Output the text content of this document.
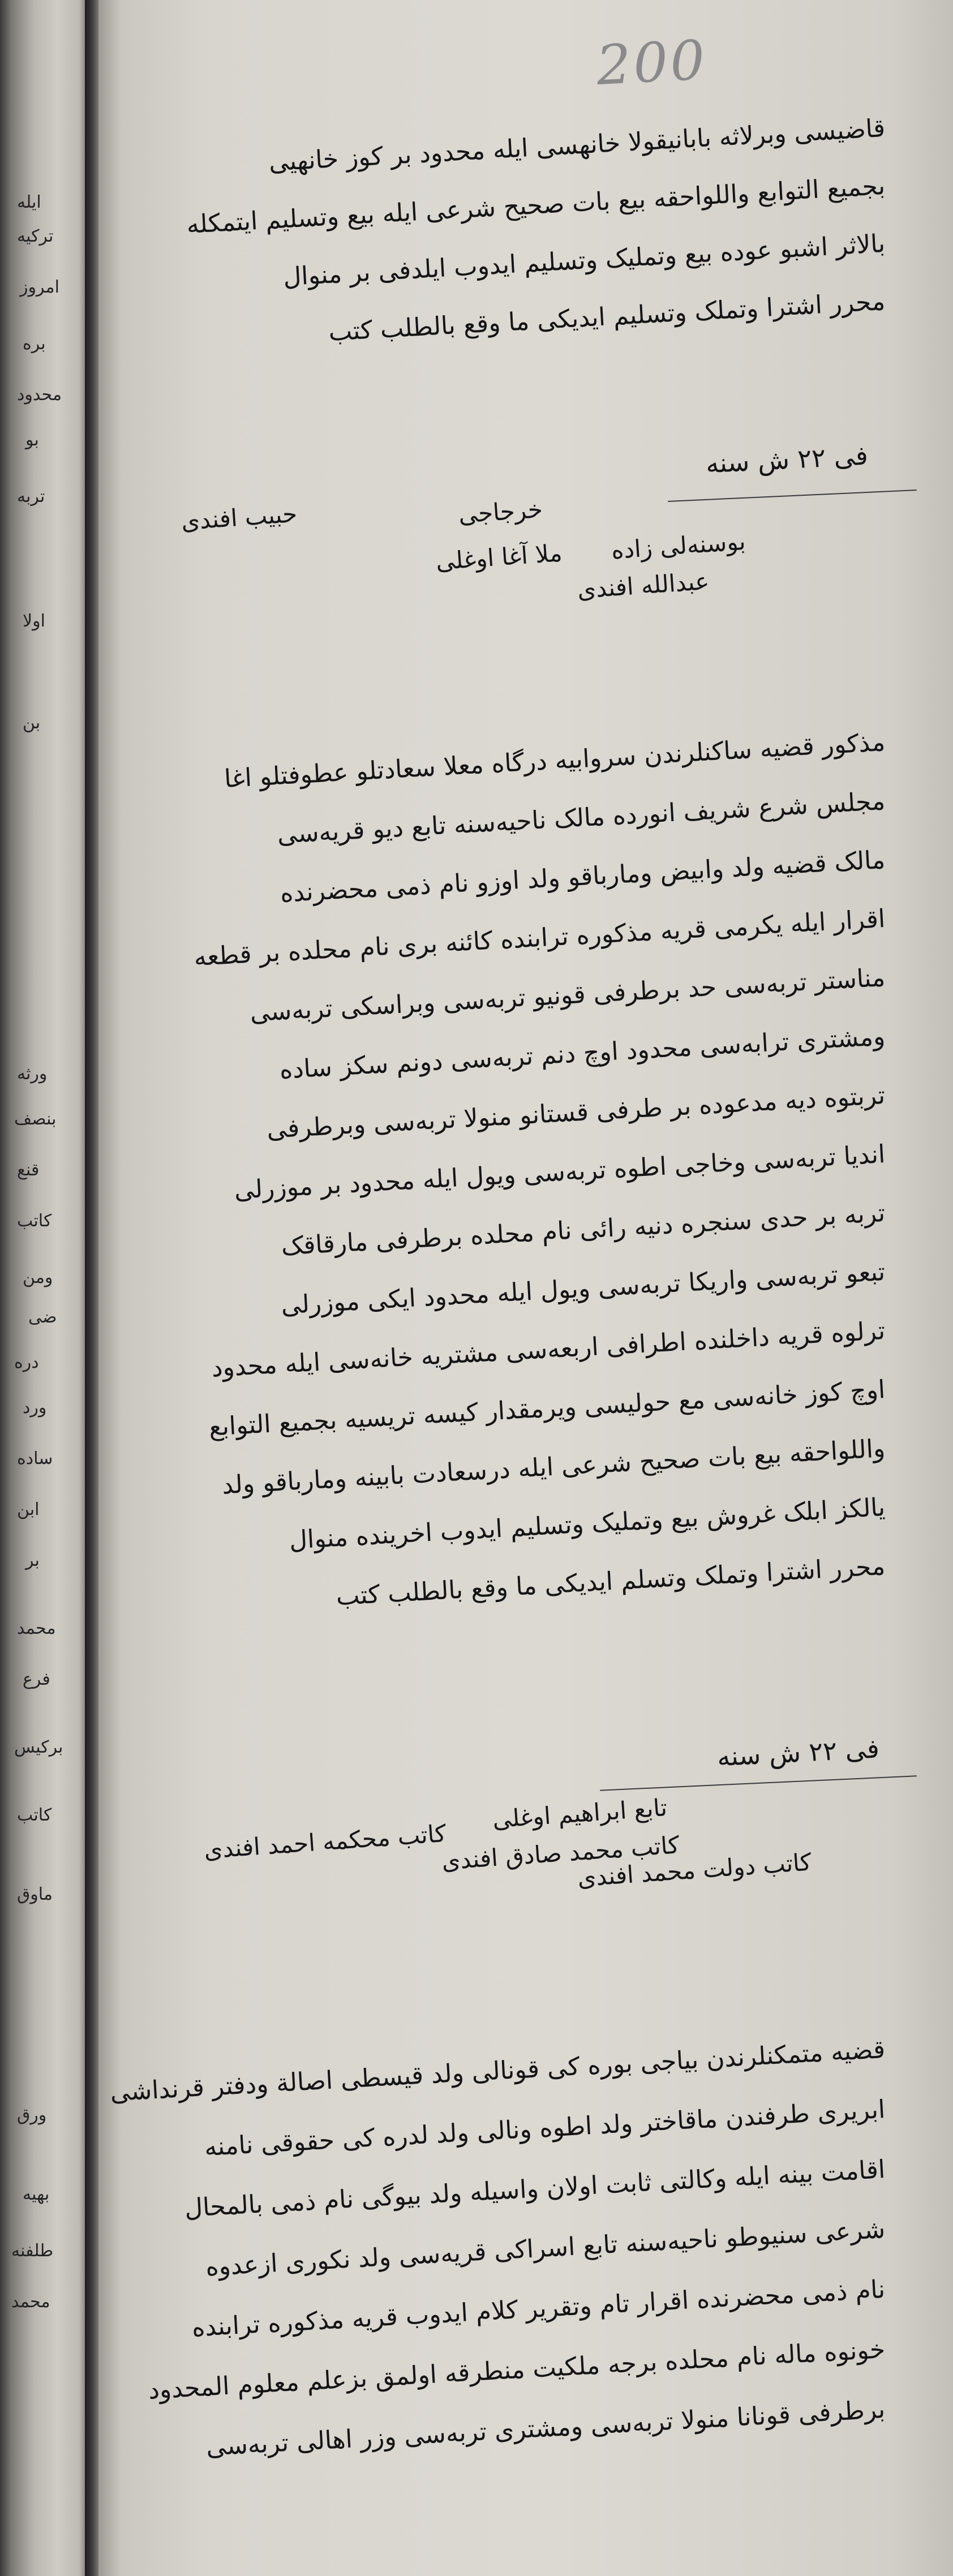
ایله
ترکیه
امروز
بره
محدود
بو
تربه
اولا
بن
ورثه
بنصف
قنع
کاتب
ومن
ضی
دره
ورد
ساده
ابن
بر
محمد
فرع
برکیس
کاتب
ماوق
ورق
بهیه
طلفنه
محمد
200
قاضیسی وبرلاثه بابانیقولا خانهسی ایله محدود بر کوز خانهیی
بجمیع التوابع واللواحقه بیع بات صحیح شرعی ایله بیع وتسلیم ایتمکله
بالاثر اشبو عوده بیع وتملیک وتسلیم ایدوب ایلدفی بر منوال
محرر اشترا وتملک وتسلیم ایدیکی ما وقع بالطلب کتب
فی ۲۲ ش سنه
بوسنه‌لی زاده
خرجاجی
حبیب افندی
عبدالله افندی
ملا آغا اوغلی
مذکور قضیه ساکنلرندن سروابیه درگاه معلا سعادتلو عطوفتلو اغا
مجلس شرع شریف انورده مالک ناحیه‌سنه تابع دیو قریه‌سی
مالک قضیه ولد وابیض ومارباقو ولد اوزو نام ذمی محضرنده
اقرار ایله یکرمی قریه مذکوره ترابنده کائنه بری نام محلده بر قطعه
مناستر تربه‌سی حد برطرفی قونیو تربه‌سی وبراسکی تربه‌سی
ومشتری ترابه‌سی محدود اوچ دنم تربه‌سی دونم سکز ساده
تربتوه دیه مدعوده بر طرفی قستانو منولا تربه‌سی وبرطرفی
اندیا تربه‌سی وخاجی اطوه تربه‌سی ویول ایله محدود بر موزرلی
تربه بر حدی سنجره دنیه رائی نام محلده برطرفی مارقاقک
تبعو تربه‌سی واریکا تربه‌سی ویول ایله محدود ایکی موزرلی
ترلوه قریه داخلنده اطرافی اربعه‌سی مشتریه خانه‌سی ایله محدود
اوچ کوز خانه‌سی مع حولیسی ویرمقدار کیسه تریسیه بجمیع التوابع
واللواحقه بیع بات صحیح شرعی ایله درسعادت بابینه ومارباقو ولد
یالکز ابلک غروش بیع وتملیک وتسلیم ایدوب اخرینده منوال
محرر اشترا وتملک وتسلم ایدیکی ما وقع بالطلب کتب
فی ۲۲ ش سنه
کاتب دولت محمد افندی
کاتب محمد صادق افندی
تابع ابراهیم اوغلی
کاتب محکمه احمد افندی
قضیه متمکنلرندن بیاجی بوره کی قونالی ولد قیسطی اصالة ودفتر قرنداشی
ابریری طرفندن ماقاختر ولد اطوه ونالی ولد لدره کی حقوقی نامنه
اقامت بینه ایله وکالتی ثابت اولان واسیله ولد بیوگی نام ذمی بالمحال
شرعی سنیوطو ناحیه‌سنه تابع اسراکی قریه‌سی ولد نکوری ازعدوه
نام ذمی محضرنده اقرار تام وتقریر کلام ایدوب قریه مذکوره ترابنده
خونوه ماله نام محلده برجه ملکیت منطرقه اولمق بزعلم معلوم المحدود
برطرفی قونانا منولا تربه‌سی ومشتری تربه‌سی وزر اهالی تربه‌سی
